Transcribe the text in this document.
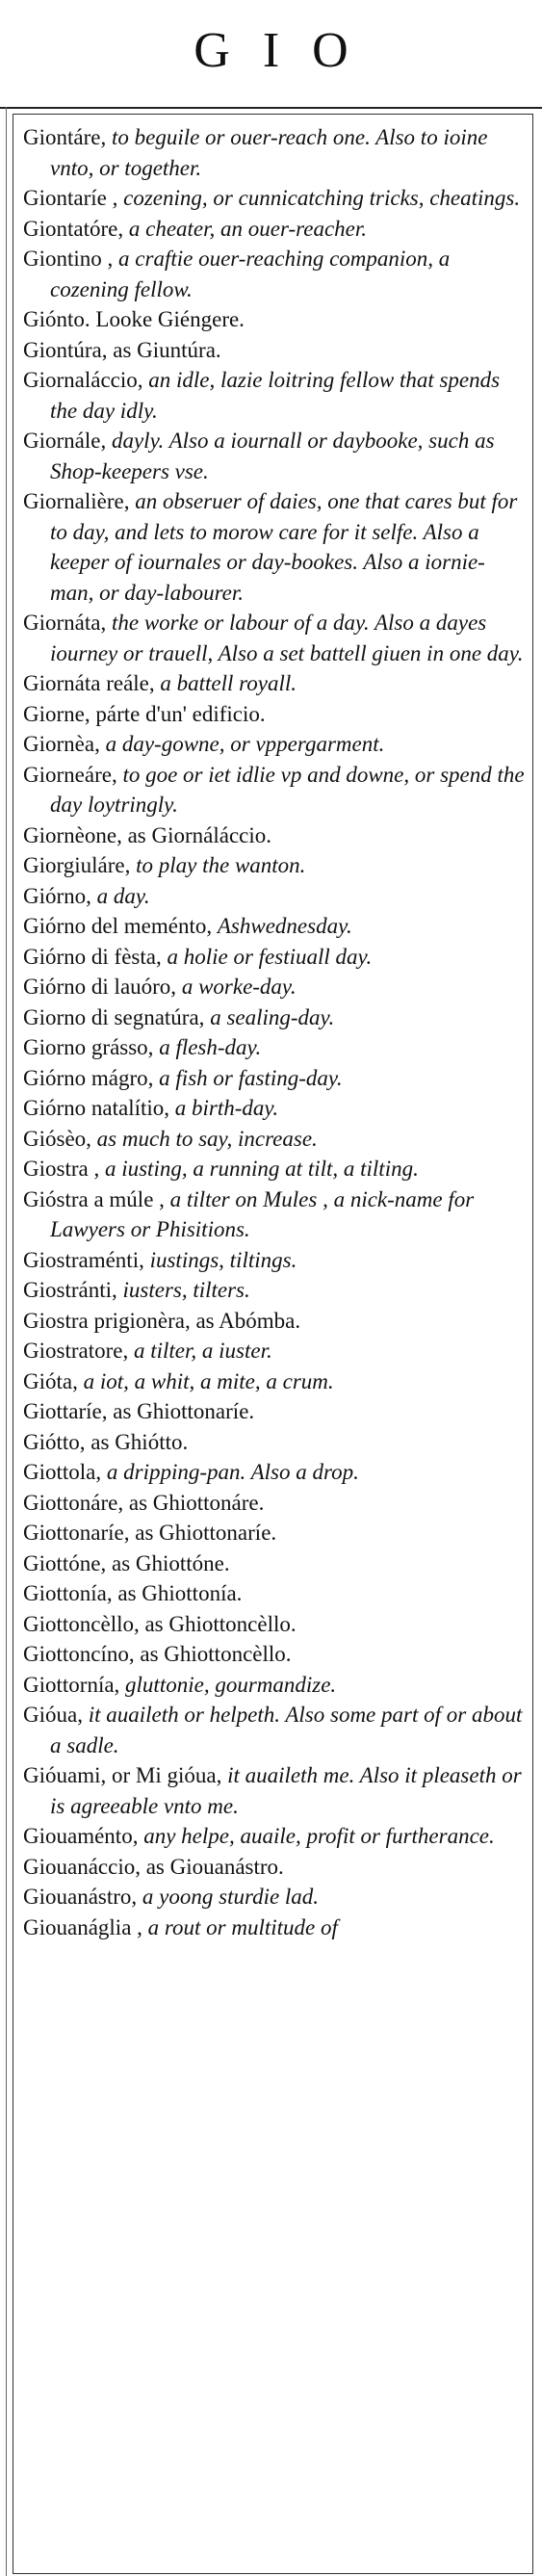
GIO

Giontáre, to beguile or ouer-reach one. Also to ioine vnto, or together.

Giontaríe , cozening, or cunnicatching tricks, cheatings.

Giontatóre, a cheater, an ouer-reacher.

Giontino , a craftie ouer-reaching companion, a cozening fellow.

Giónto. Looke Giéngere.

Giontúra, as Giuntúra.

Giornaláccio, an idle, lazie loitring fellow that spends the day idly.

Giornále, dayly. Also a iournall or daybooke, such as Shop-keepers vse.

Giornalière, an obseruer of daies, one that cares but for to day, and lets to morow care for it selfe. Also a keeper of iournales or day-bookes. Also a iornie-man, or day-labourer.

Giornáta, the worke or labour of a day. Also a dayes iourney or trauell, Also a set battell giuen in one day.

Giornáta reále, a battell royall.

Giorne, párte d'un' edificio.

Giornèa, a day-gowne, or vppergarment.

Giorneáre, to goe or iet idlie vp and downe, or spend the day loytringly.

Giornèone, as Giornáláccio.

Giorgiuláre, to play the wanton.

Giórno, a day.

Giórno del meménto, Ashwednesday.

Giórno di fèsta, a holie or festiuall day.

Giórno di lauóro, a worke-day.

Giorno di segnatúra, a sealing-day.

Giorno grásso, a flesh-day.

Giórno mágro, a fish or fasting-day.

Giórno natalítio, a birth-day.

Giósèo, as much to say, increase.

Giostra , a iusting, a running at tilt, a tilting.

Gióstra a múle , a tilter on Mules , a nick-name for Lawyers or Phisitions.

Giostraménti, iustings, tiltings.

Giostránti, iusters, tilters.

Giostra prigionèra, as Abómba.

Giostratore, a tilter, a iuster.

Gióta, a iot, a whit, a mite, a crum.

Giottaríe, as Ghiottonaríe.

Giótto, as Ghiótto.

Giottola, a dripping-pan. Also a drop.

Giottonáre, as Ghiottonáre.

Giottonaríe, as Ghiottonaríe.

Giottóne, as Ghiottóne.

Giottonía, as Ghiottonía.

Giottoncèllo, as Ghiottoncèllo.

Giottoncíno, as Ghiottoncèllo.

Giottornía, gluttonie, gourmandize.

Gióua, it auaileth or helpeth. Also some part of or about a sadle.

Gióuami, or Mi gióua, it auaileth me. Also it pleaseth or is agreeable vnto me.

Giouaménto, any helpe, auaile, profit or furtherance.

Giouanáccio, as Giouanástro.

Giouanástro, a yoong sturdie lad.

Giouanáglia , a rout or multitude of
